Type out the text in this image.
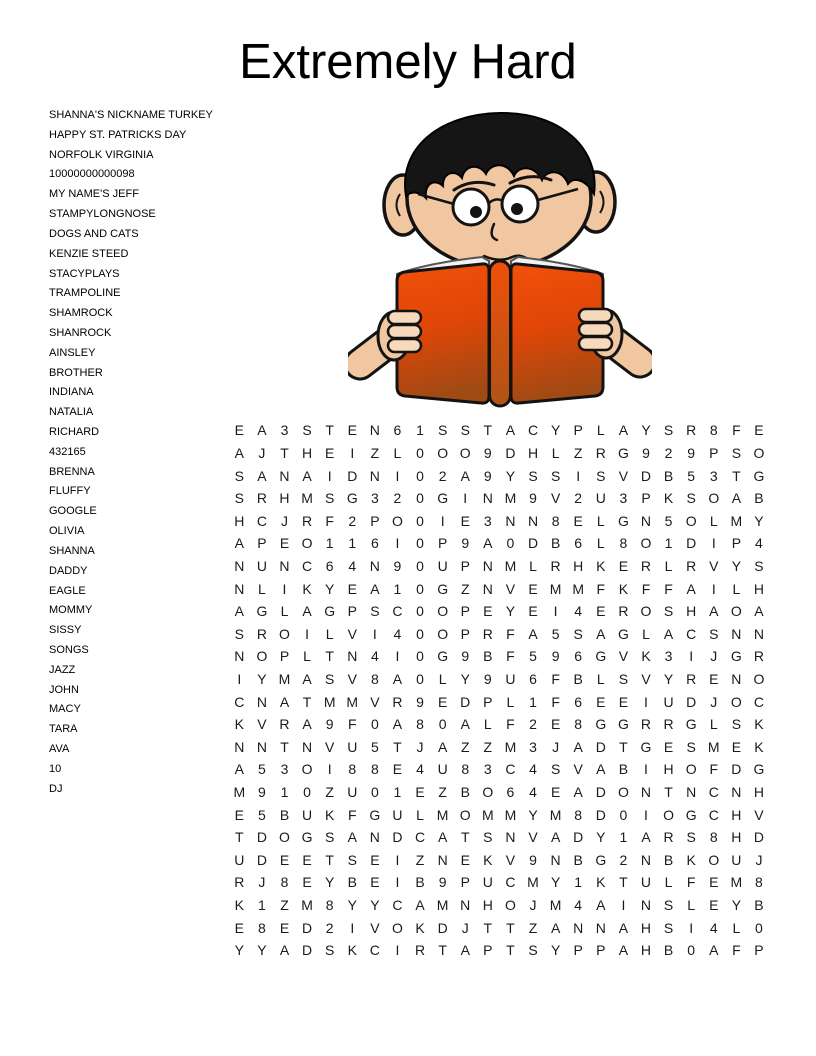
Extremely Hard
SHANNA'S NICKNAME TURKEY
HAPPY ST. PATRICKS DAY
NORFOLK VIRGINIA
10000000000098
MY NAME'S JEFF
STAMPYLONGNOSE
DOGS AND CATS
KENZIE STEED
STACYPLAYS
TRAMPOLINE
SHAMROCK
SHANROCK
AINSLEY
BROTHER
INDIANA
NATALIA
RICHARD
432165
BRENNA
FLUFFY
GOOGLE
OLIVIA
SHANNA
DADDY
EAGLE
MOMMY
SISSY
SONGS
JAZZ
JOHN
MACY
TARA
AVA
10
DJ
E A	3	S T E N 6	1	S S T A C Y P	L	A Y S R 8	F E
A	J	T H E	I	Z	L	0 O O 9 D H L	Z R G 9	2	9	P S O
S A N A	I	D N	I	0	2	A	9	Y S S	I	S V D B	5	3	T G
S R H M S G 3	2	0 G	I	N M 9	V	2 U 3	P K S O A B
H C	J	R F	2	P O 0	I	E	3 N N 8	E	L G N 5 O L M Y
A P E O 1	1	6	I	0	P	9	A	0 D B	6	L	8 O 1 D	I	P	4
N U N C 6	4 N 9	0 U P N M L R H K E R L R V Y S
N L	I	K Y E A	1	0 G Z N V E M M F K F	F A	I	L H
A G L	A G P S C 0 O P E Y E	I	4	E R O S H A O A
S R O	I	L	V	I	4	0 O P R F A	5	S A G L	A C S N N
N O P	L	T N 4	I	0 G 9	B F	5	9	6 G V K	3	I	J G R
I	Y M A S V	8	A	0	L	Y	9 U 6	F B	L	S V Y R E N O
C N A T M M V R 9	E D P	L	1	F	6	E E	I	U D	J O C
K V R A	9	F	0	A	8	0	A	L	F	2	E	8 G G R R G L	S K
N N T N V U 5	T	J	A Z	Z M 3	J	A D T G E S M E K
A	5	3 O	I	8	8	E	4 U 8	3 C 4	S V A B	I	H O F D G
M 9	1	0	Z U 0	1	E Z B O 6	4	E A D O N T N C N H
E	5	B U K F G U L M O M M Y M 8 D 0	I	O G C H V
T D O G S A N D C A T S N V A D Y	1	A R S	8 H D
U D E E T S E	I	Z N E K V	9 N B G 2 N B K O U	J
R	J	8	E Y B E	I	B	9	P U C M Y	1	K T U L	F E M 8
K	1	Z M 8	Y Y C A M N H O J M 4	A	I	N S	L	E Y B
E	8	E D 2	I	V O K D	J	T	T	Z A N N A H S	I	4	L	0
Y Y A D S K C	I	R T A P T S Y P P A H B	0	A F P
